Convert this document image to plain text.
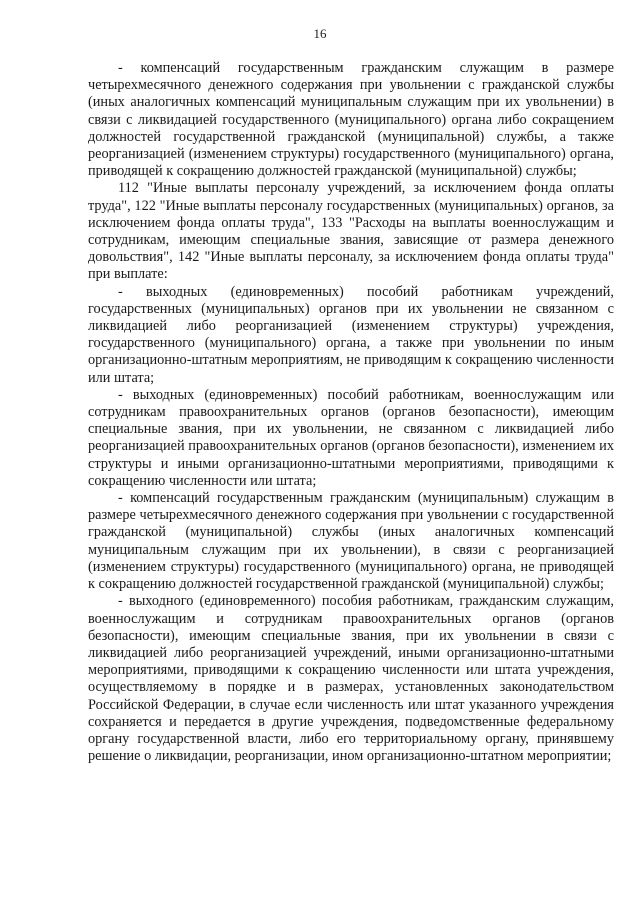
16

- компенсаций государственным гражданским служащим в размере четырехмесячного денежного содержания при увольнении с гражданской службы (иных аналогичных компенсаций муниципальным служащим при их увольнении) в связи с ликвидацией государственного (муниципального) органа либо сокращением должностей государственной гражданской (муниципальной) службы, а также реорганизацией (изменением структуры) государственного (муниципального) органа, приводящей к сокращению должностей гражданской (муниципальной) службы;

112 "Иные выплаты персоналу учреждений, за исключением фонда оплаты труда", 122 "Иные выплаты персоналу государственных (муниципальных) органов, за исключением фонда оплаты труда", 133 "Расходы на выплаты военнослужащим и сотрудникам, имеющим специальные звания, зависящие от размера денежного довольствия", 142 "Иные выплаты персоналу, за исключением фонда оплаты труда" при выплате:

- выходных (единовременных) пособий работникам учреждений, государственных (муниципальных) органов при их увольнении не связанном с ликвидацией либо реорганизацией (изменением структуры) учреждения, государственного (муниципального) органа, а также при увольнении по иным организационно-штатным мероприятиям, не приводящим к сокращению численности или штата;

- выходных (единовременных) пособий работникам, военнослужащим или сотрудникам правоохранительных органов (органов безопасности), имеющим специальные звания, при их увольнении, не связанном с ликвидацией либо реорганизацией правоохранительных органов (органов безопасности), изменением их структуры и иными организационно-штатными мероприятиями, приводящими к сокращению численности или штата;

- компенсаций государственным гражданским (муниципальным) служащим в размере четырехмесячного денежного содержания при увольнении с государственной гражданской (муниципальной) службы (иных аналогичных компенсаций муниципальным служащим при их увольнении), в связи с реорганизацией (изменением структуры) государственного (муниципального) органа, не приводящей к сокращению должностей государственной гражданской (муниципальной) службы;

- выходного (единовременного) пособия работникам, гражданским служащим, военнослужащим и сотрудникам правоохранительных органов (органов безопасности), имеющим специальные звания, при их увольнении в связи с ликвидацией либо реорганизацией учреждений, иными организационно-штатными мероприятиями, приводящими к сокращению численности или штата учреждения, осуществляемому в порядке и в размерах, установленных законодательством Российской Федерации, в случае если численность или штат указанного учреждения сохраняется и передается в другие учреждения, подведомственные федеральному органу государственной власти, либо его территориальному органу, принявшему решение о ликвидации, реорганизации, ином организационно-штатном мероприятии;
